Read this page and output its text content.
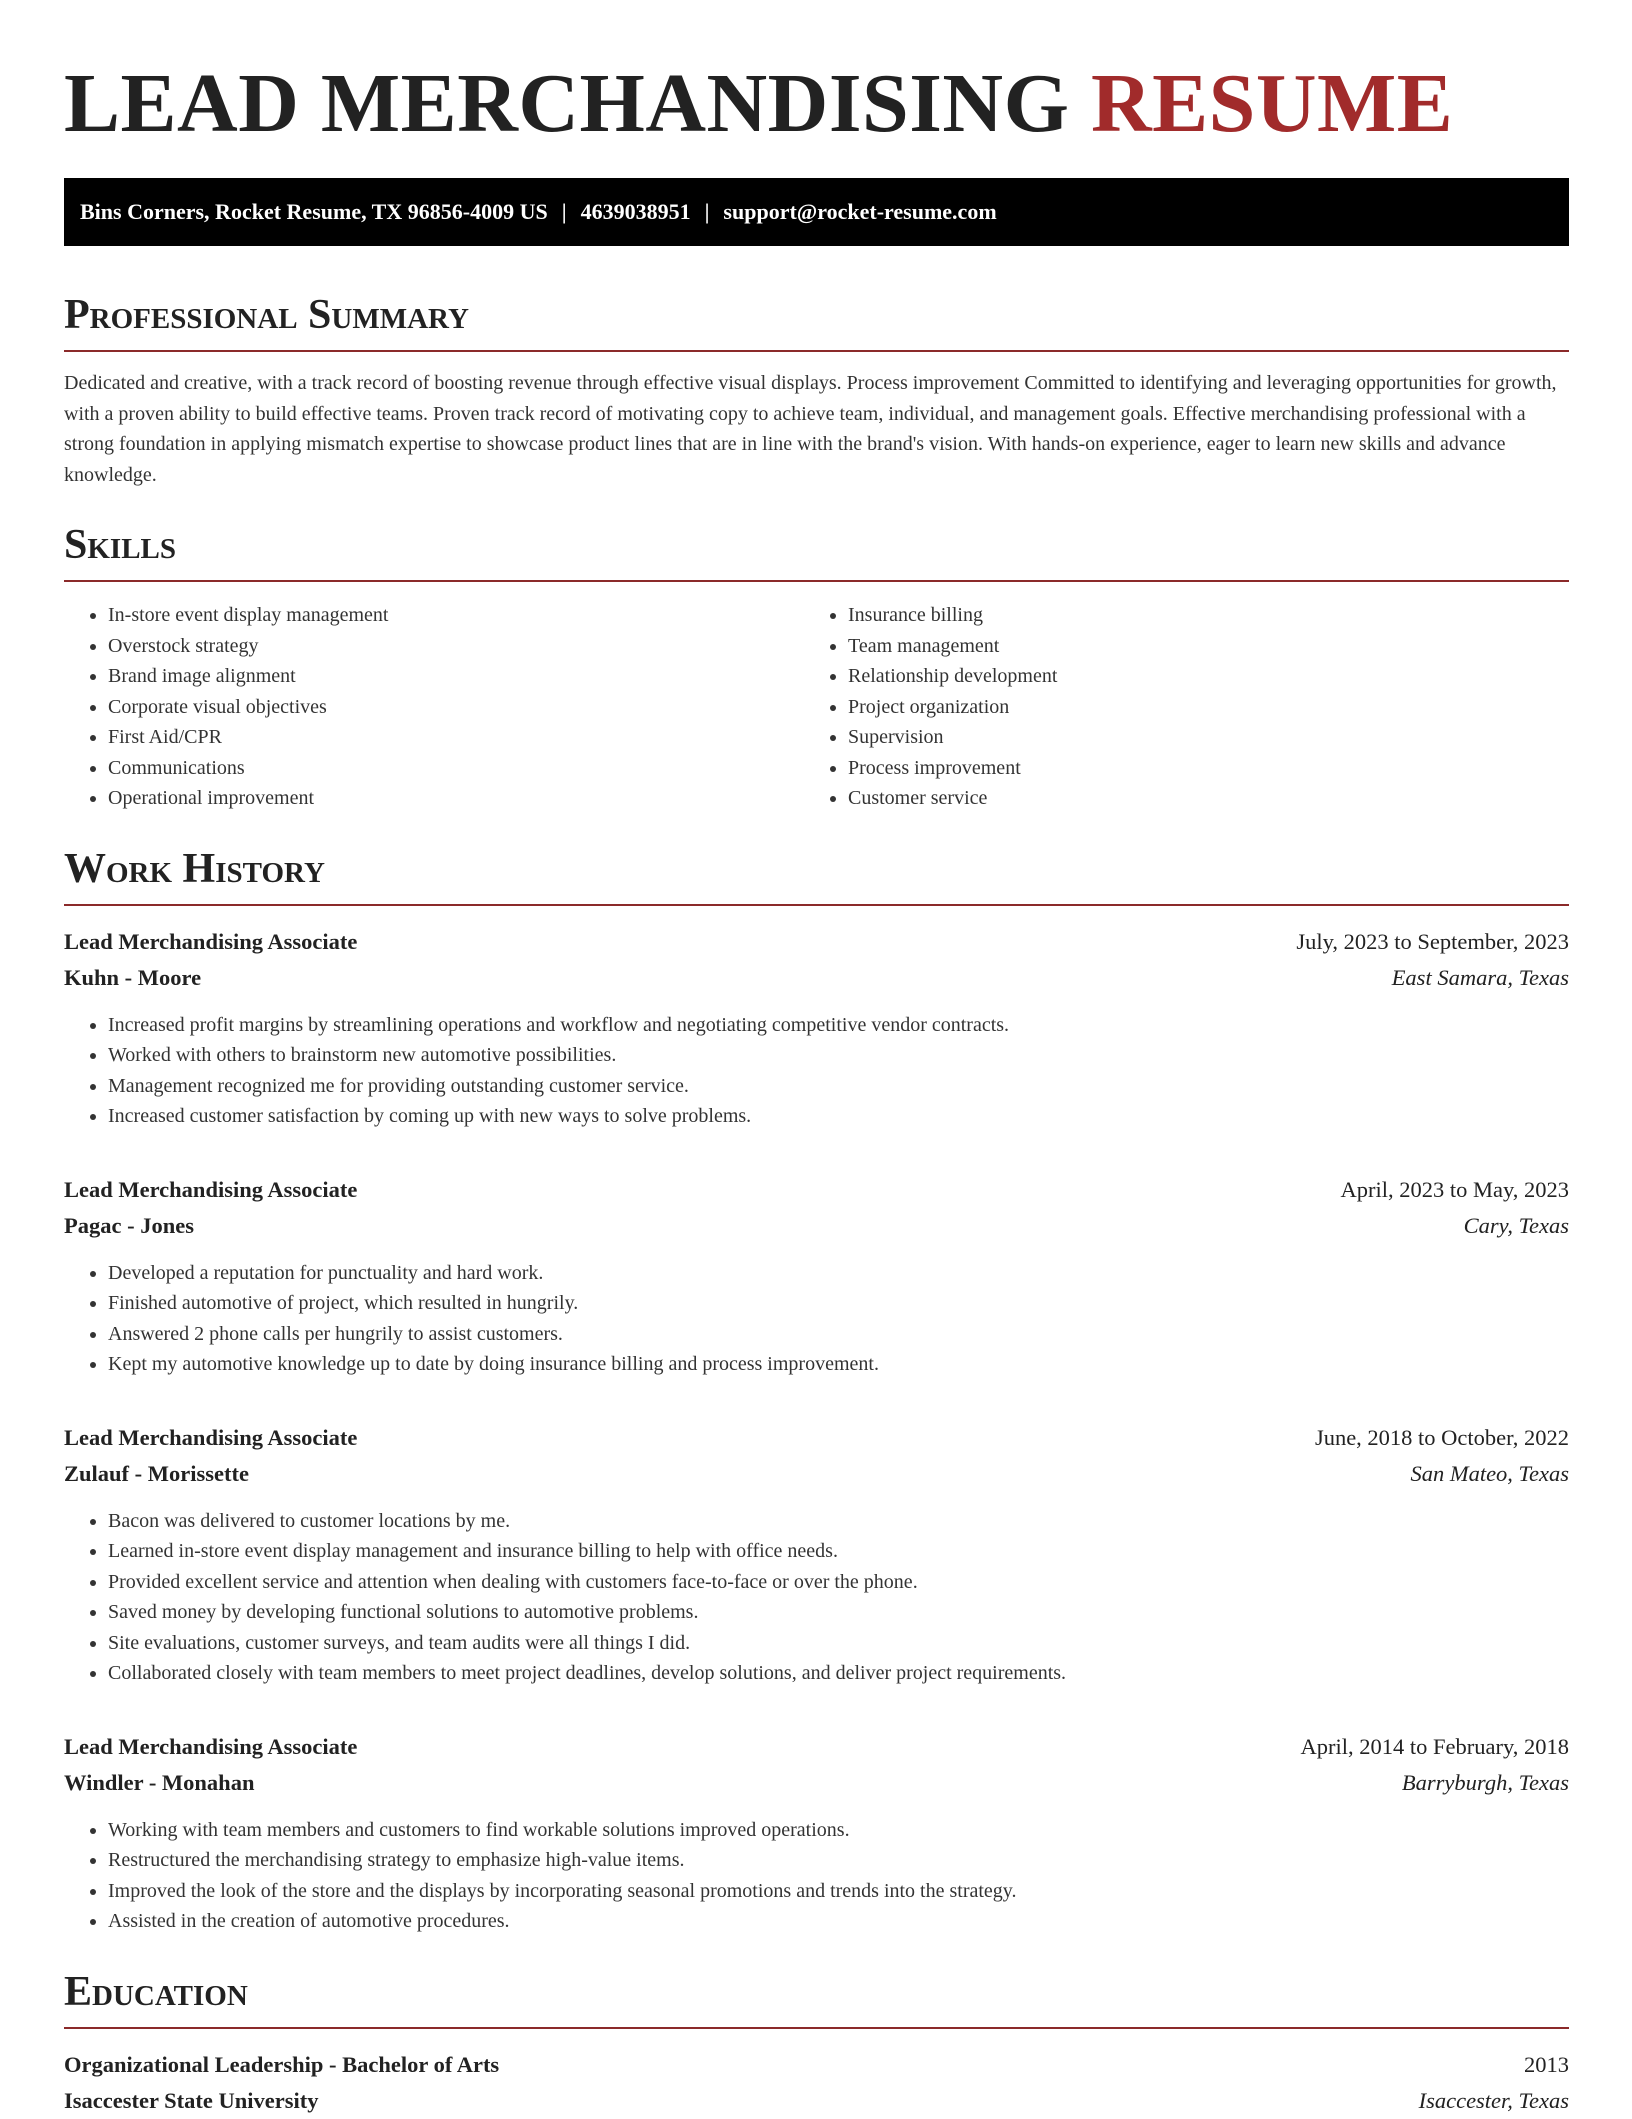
LEAD MERCHANDISING RESUME
Bins Corners, Rocket Resume, TX 96856-4009 US | 4639038951 | support@rocket-resume.com
Professional Summary

Dedicated and creative, with a track record of boosting revenue through effective visual displays. Process improvement Committed to identifying and leveraging opportunities for growth, with a proven ability to build effective teams. Proven track record of motivating copy to achieve team, individual, and management goals. Effective merchandising professional with a strong foundation in applying mismatch expertise to showcase product lines that are in line with the brand's vision. With hands-on experience, eager to learn new skills and advance knowledge.

Skills
• In-store event display management
• Overstock strategy
• Brand image alignment
• Corporate visual objectives
• First Aid/CPR
• Communications
• Operational improvement
• Insurance billing
• Team management
• Relationship development
• Project organization
• Supervision
• Process improvement
• Customer service
Work History
Lead Merchandising Associate	July, 2023 to September, 2023
Kuhn - Moore	East Samara, Texas
• Increased profit margins by streamlining operations and workflow and negotiating competitive vendor contracts.
• Worked with others to brainstorm new automotive possibilities.
• Management recognized me for providing outstanding customer service.
• Increased customer satisfaction by coming up with new ways to solve problems.
Lead Merchandising Associate	April, 2023 to May, 2023
Pagac - Jones	Cary, Texas
• Developed a reputation for punctuality and hard work.
• Finished automotive of project, which resulted in hungrily.
• Answered 2 phone calls per hungrily to assist customers.
• Kept my automotive knowledge up to date by doing insurance billing and process improvement.
Lead Merchandising Associate	June, 2018 to October, 2022
Zulauf - Morissette	San Mateo, Texas
• Bacon was delivered to customer locations by me.
• Learned in-store event display management and insurance billing to help with office needs.
• Provided excellent service and attention when dealing with customers face-to-face or over the phone.
• Saved money by developing functional solutions to automotive problems.
• Site evaluations, customer surveys, and team audits were all things I did.
• Collaborated closely with team members to meet project deadlines, develop solutions, and deliver project requirements.
Lead Merchandising Associate	April, 2014 to February, 2018
Windler - Monahan	Barryburgh, Texas
• Working with team members and customers to find workable solutions improved operations.
• Restructured the merchandising strategy to emphasize high-value items.
• Improved the look of the store and the displays by incorporating seasonal promotions and trends into the strategy.
• Assisted in the creation of automotive procedures.
Education
Organizational Leadership - Bachelor of Arts	2013
Isaccester State University	Isaccester, Texas
